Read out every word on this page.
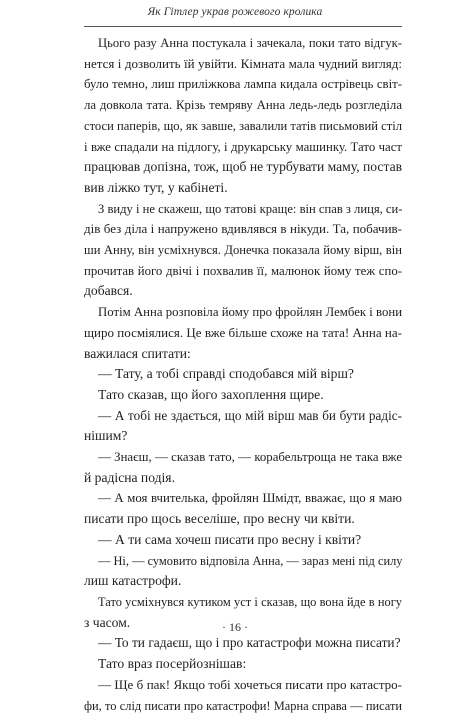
Як Гітлер украв рожевого кролика
Цього разу Анна постукала і зачекала, поки тато відгук-
нется і дозволить їй увійти. Кімната мала чудний вигляд:
було темно, лиш приліжкова лампа кидала острівець світ-
ла довкола тата. Крізь темряву Анна ледь-ледь розгледіла
стоси паперів, що, як завше, завалили татів письмовий стіл
і вже спадали на підлогу, і друкарську машинку. Тато част
працював допізна, тож, щоб не турбувати маму, постав
вив ліжко тут, у кабінеті.
З виду і не скажеш, що татові краще: він спав з лиця, си-
дів без діла і напружено вдивлявся в нікуди. Та, побачив-
ши Анну, він усміхнувся. Донечка показала йому вірш, він
прочитав його двічі і похвалив її, малюнок йому теж спо-
добався.
Потім Анна розповіла йому про фройлян Лембек і вони
щиро посміялися. Це вже більше схоже на тата! Анна на-
важилася спитати:
— Тату, а тобі справді сподобався мій вірш?
Тато сказав, що його захоплення щире.
— А тобі не здається, що мій вірш мав би бути радіс-
нішим?
— Знаєш, — сказав тато, — корабельтроща не така вже
й радісна подія.
— А моя вчителька, фройлян Шмідт, вважає, що я маю
писати про щось веселіше, про весну чи квіти.
— А ти сама хочеш писати про весну і квіти?
— Ні, — сумовито відповіла Анна, — зараз мені під силу
лиш катастрофи.
Тато усміхнувся кутиком уст і сказав, що вона йде в ногу
з часом.
— То ти гадаєш, що і про катастрофи можна писати?
Тато враз посерйознішав:
— Ще б пак! Якщо тобі хочеться писати про катастро-
фи, то слід писати про катастрофи! Марна справа — писати
· 16 ·
